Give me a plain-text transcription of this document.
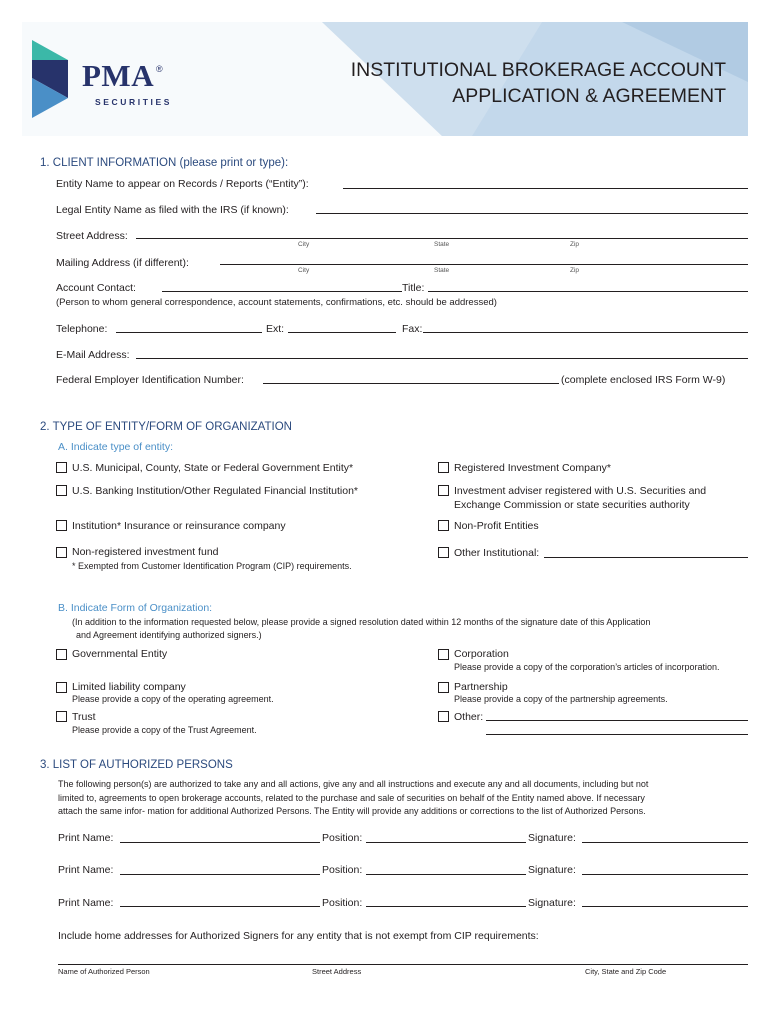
PMA ®
SECURITIES
INSTITUTIONAL BROKERAGE ACCOUNT
APPLICATION & AGREEMENT
1. CLIENT INFORMATION (please print or type):
Entity Name to appear on Records / Reports (“Entity”):
Legal Entity Name as filed with the IRS (if known):
Street Address:
City	State	Zip
Mailing Address (if different):
City	State	Zip
Account Contact:	Title:
(Person to whom general correspondence, account statements, confirmations, etc. should be addressed)
Telephone:	Ext:	Fax:
E-Mail Address:
Federal Employer Identification Number:	(complete enclosed IRS Form W-9)
2. TYPE OF ENTITY/FORM OF ORGANIZATION
A. Indicate type of entity:
U.S. Municipal, County, State or Federal Government Entity*
U.S. Banking Institution/Other Regulated Financial Institution*
Institution* Insurance or reinsurance company
Non-registered investment fund
* Exempted from Customer Identification Program (CIP) requirements.
Registered Investment Company*
Investment adviser registered with U.S. Securities and
Exchange Commission or state securities authority
Non-Profit Entities
Other Institutional:
B. Indicate Form of Organization:
(In addition to the information requested below, please provide a signed resolution dated within 12 months of the signature date of this Application
and Agreement identifying authorized signers.)
Governmental Entity
Limited liability company
Please provide a copy of the operating agreement.
Trust
Please provide a copy of the Trust Agreement.
Corporation
Please provide a copy of the corporation’s articles of incorporation.
Partnership
Please provide a copy of the partnership agreements.
Other:
3. LIST OF AUTHORIZED PERSONS
The following person(s) are authorized to take any and all actions, give any and all instructions and execute any and all documents, including but not
limited to, agreements to open brokerage accounts, related to the purchase and sale of securities on behalf of the Entity named above. If necessary
attach the same infor- mation for additional Authorized Persons. The Entity will provide any additions or corrections to the list of Authorized Persons.
Print Name:	Position:	Signature:
Print Name:	Position:	Signature:
Print Name:	Position:	Signature:
Include home addresses for Authorized Signers for any entity that is not exempt from CIP requirements:
Name of Authorized Person	Street Address	City, State and Zip Code
